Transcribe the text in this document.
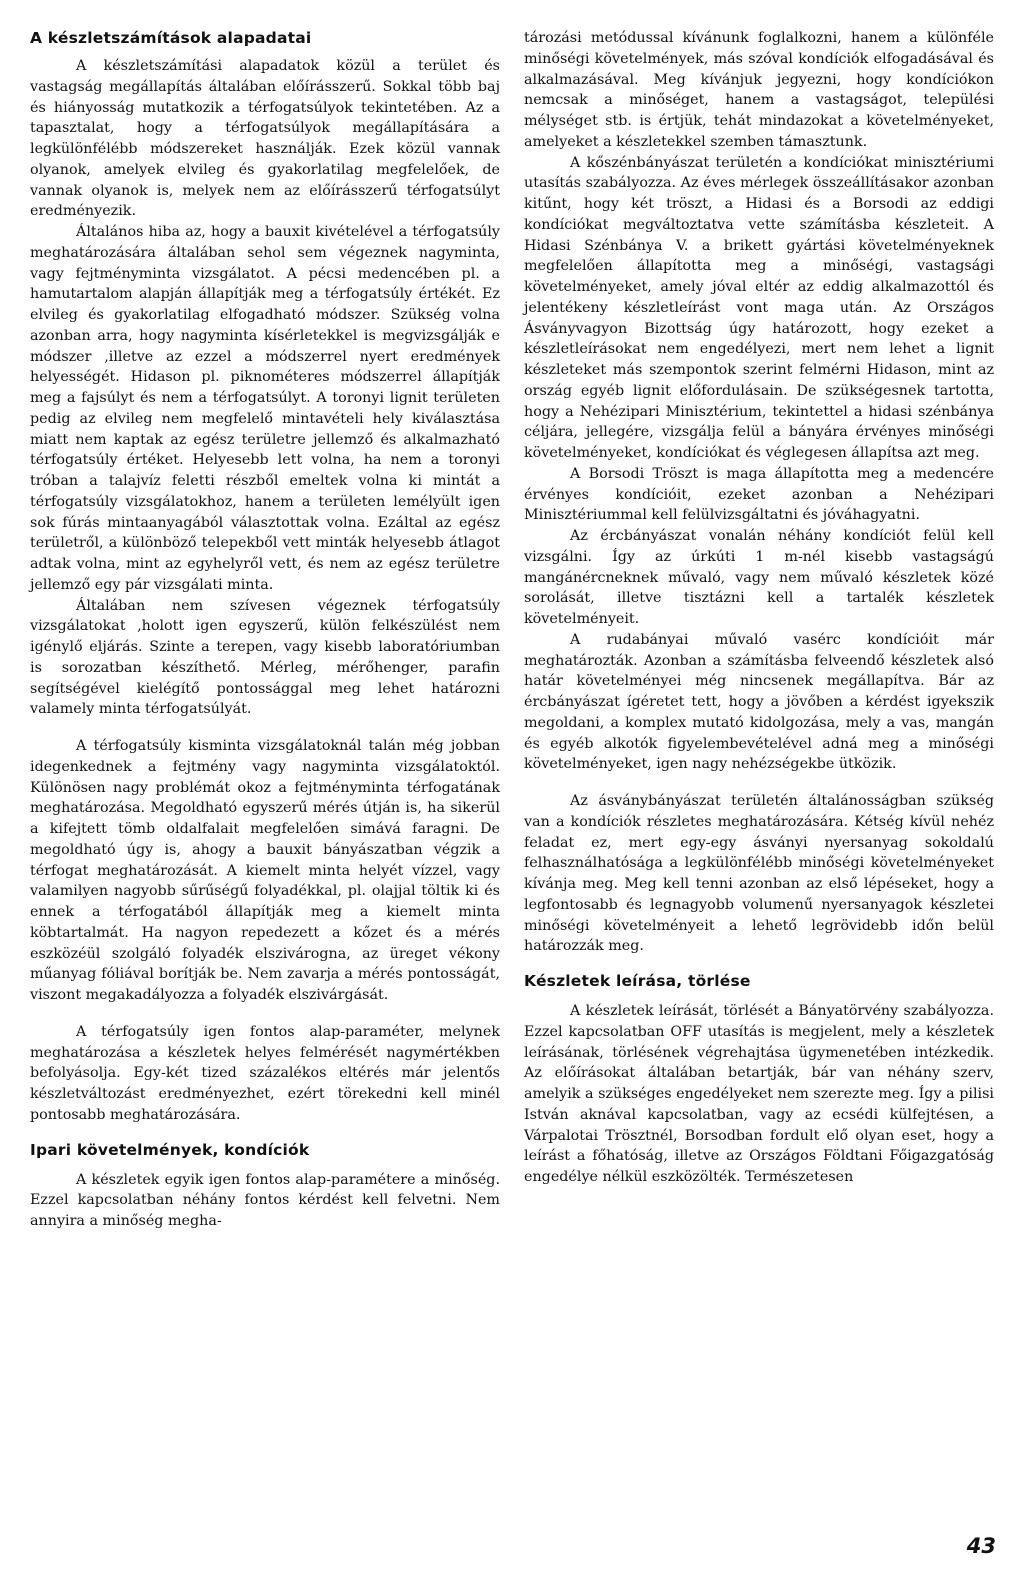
A készletszámítások alapadatai

A készletszámítási alapadatok közül a terület és vastagság megállapítás általában előírásszerű. Sokkal több baj és hiányosság mutatkozik a térfogatsúlyok tekintetében. Az a tapasztalat, hogy a térfogatsúlyok megállapítására a legkülönfélébb módszereket használják. Ezek közül vannak olyanok, amelyek elvileg és gyakorlatilag megfelelőek, de vannak olyanok is, melyek nem az előírásszerű térfogatsúlyt eredményezik.

Általános hiba az, hogy a bauxit kivételével a térfogatsúly meghatározására általában sehol sem végeznek nagyminta, vagy fejtményminta vizsgálatot. A pécsi medencében pl. a hamutartalom alapján állapítják meg a térfogatsúly értékét. Ez elvileg és gyakorlatilag elfogadható módszer. Szükség volna azonban arra, hogy nagyminta kísérletekkel is megvizsgálják e módszer ,illetve az ezzel a módszerrel nyert eredmények helyességét. Hidason pl. piknométeres módszerrel állapítják meg a fajsúlyt és nem a térfogatsúlyt. A toronyi lignit területen pedig az elvileg nem megfelelő mintavételi hely kiválasztása miatt nem kaptak az egész területre jellemző és alkalmazható térfogatsúly értéket. Helyesebb lett volna, ha nem a toronyi tróban a talajvíz feletti részből emeltek volna ki mintát a térfogatsúly vizsgálatokhoz, hanem a területen lemélyült igen sok fúrás mintaanyagából választottak volna. Ezáltal az egész területről, a különböző telepekből vett minták helyesebb átlagot adtak volna, mint az egyhelyről vett, és nem az egész területre jellemző egy pár vizsgálati minta.

Általában nem szívesen végeznek térfogatsúly vizsgálatokat ,holott igen egyszerű, külön felkészülést nem igénylő eljárás. Szinte a terepen, vagy kisebb laboratóriumban is sorozatban készíthető. Mérleg, mérőhenger, parafin segítségével kielégítő pontossággal meg lehet határozni valamely minta térfogatsúlyát.

A térfogatsúly kisminta vizsgálatoknál talán még jobban idegenkednek a fejtmény vagy nagyminta vizsgálatoktól. Különösen nagy problémát okoz a fejtményminta térfogatának meghatározása. Megoldható egyszerű mérés útján is, ha sikerül a kifejtett tömb oldalfalait megfelelően simává faragni. De megoldható úgy is, ahogy a bauxit bányászatban végzik a térfogat meghatározását. A kiemelt minta helyét vízzel, vagy valamilyen nagyobb sűrűségű folyadékkal, pl. olajjal töltik ki és ennek a térfogatából állapítják meg a kiemelt minta köbtartalmát. Ha nagyon repedezett a kőzet és a mérés eszközéül szolgáló folyadék elszivárogna, az üreget vékony műanyag fóliával borítják be. Nem zavarja a mérés pontosságát, viszont megakadályozza a folyadék elszivárgását.

A térfogatsúly igen fontos alap-paraméter, melynek meghatározása a készletek helyes felmérését nagymértékben befolyásolja. Egy-két tized százalékos eltérés már jelentős készletváltozást eredményezhet, ezért törekedni kell minél pontosabb meghatározására.

Ipari követelmények, kondíciók

A készletek egyik igen fontos alap-paramétere a minőség. Ezzel kapcsolatban néhány fontos kérdést kell felvetni. Nem annyira a minőség megha-

tározási metódussal kívánunk foglalkozni, hanem a különféle minőségi követelmények, más szóval kondíciók elfogadásával és alkalmazásával. Meg kívánjuk jegyezni, hogy kondíciókon nemcsak a minőséget, hanem a vastagságot, települési mélységet stb. is értjük, tehát mindazokat a követelményeket, amelyeket a készletekkel szemben támasztunk.

A kőszénbányászat területén a kondíciókat minisztériumi utasítás szabályozza. Az éves mérlegek összeállításakor azonban kitűnt, hogy két tröszt, a Hidasi és a Borsodi az eddigi kondíciókat megváltoztatva vette számításba készleteit. A Hidasi Szénbánya V. a brikett gyártási követelményeknek megfelelően állapította meg a minőségi, vastagsági követelményeket, amely jóval eltér az eddig alkalmazottól és jelentékeny készletleírást vont maga után. Az Országos Ásványvagyon Bizottság úgy határozott, hogy ezeket a készletleírásokat nem engedélyezi, mert nem lehet a lignit készleteket más szempontok szerint felmérni Hidason, mint az ország egyéb lignit előfordulásain. De szükségesnek tartotta, hogy a Nehézipari Minisztérium, tekintettel a hidasi szénbánya céljára, jellegére, vizsgálja felül a bányára érvényes minőségi követelményeket, kondíciókat és véglegesen állapítsa azt meg.

A Borsodi Tröszt is maga állapította meg a medencére érvényes kondícióit, ezeket azonban a Nehézipari Minisztériummal kell felülvizsgáltatni és jóváhagyatni.

Az ércbányászat vonalán néhány kondíciót felül kell vizsgálni. Így az úrkúti 1 m-nél kisebb vastagságú mangánércneknek művaló, vagy nem művaló készletek közé sorolását, illetve tisztázni kell a tartalék készletek követelményeit.

A rudabányai művaló vasérc kondícióit már meghatározták. Azonban a számításba felveendő készletek alsó határ követelményei még nincsenek megállapítva. Bár az ércbányászat ígéretet tett, hogy a jövőben a kérdést igyekszik megoldani, a komplex mutató kidolgozása, mely a vas, mangán és egyéb alkotók figyelembevételével adná meg a minőségi követelményeket, igen nagy nehézségekbe ütközik.

Az ásványbányászat területén általánosságban szükség van a kondíciók részletes meghatározására. Kétség kívül nehéz feladat ez, mert egy-egy ásványi nyersanyag sokoldalú felhasználhatósága a legkülönfélébb minőségi követelményeket kívánja meg. Meg kell tenni azonban az első lépéseket, hogy a legfontosabb és legnagyobb volumenű nyersanyagok készletei minőségi követelményeit a lehető legrövidebb időn belül határozzák meg.

Készletek leírása, törlése

A készletek leírását, törlését a Bányatörvény szabályozza. Ezzel kapcsolatban OFF utasítás is megjelent, mely a készletek leírásának, törlésének végrehajtása ügymenetében intézkedik. Az előírásokat általában betartják, bár van néhány szerv, amelyik a szükséges engedélyeket nem szerezte meg. Így a pilisi István aknával kapcsolatban, vagy az ecsédi külfejtésen, a Várpalotai Trösztnél, Borsodban fordult elő olyan eset, hogy a leírást a főhatóság, illetve az Országos Földtani Főigazgatóság engedélye nélkül eszközölték. Természetesen

43
